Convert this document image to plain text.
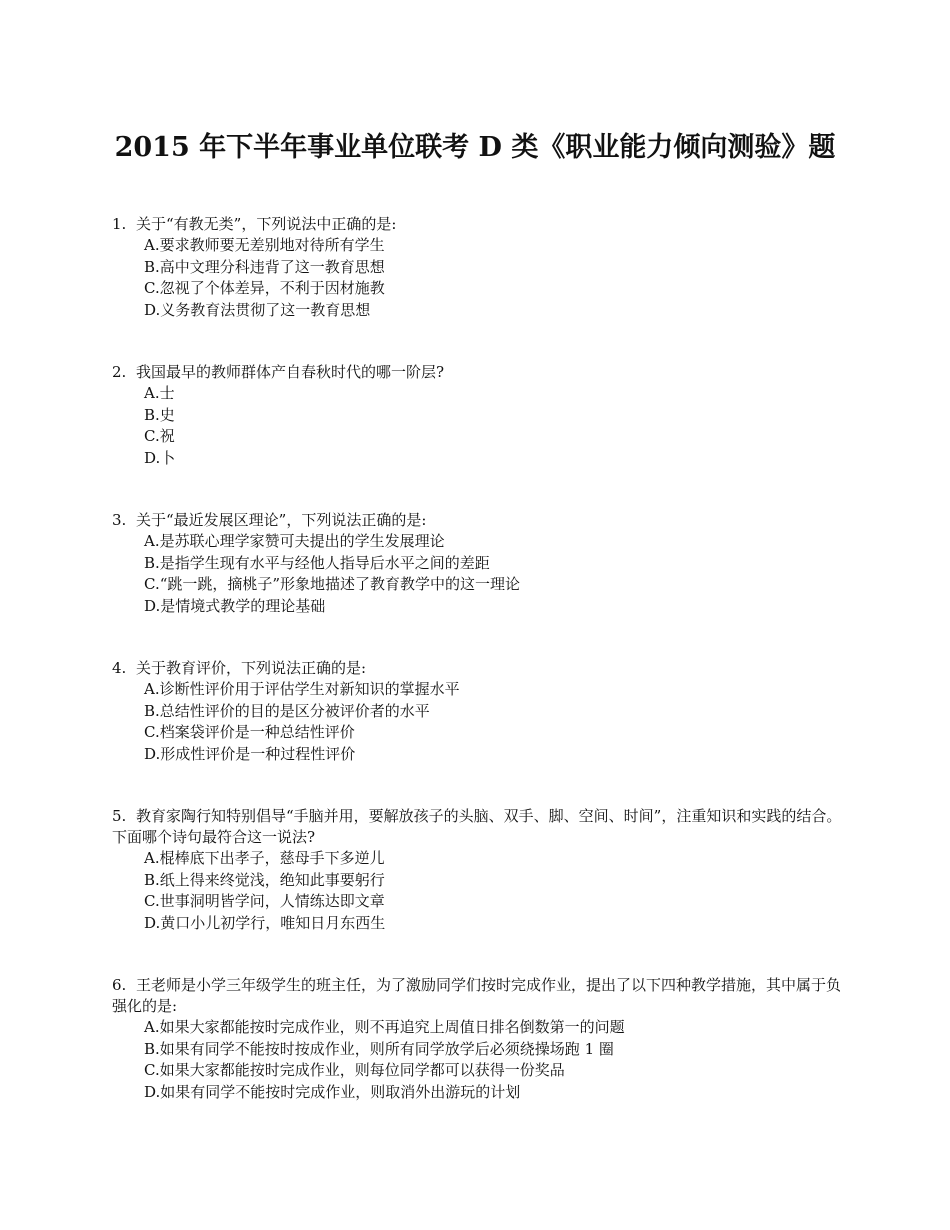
2015 年下半年事业单位联考 D 类《职业能力倾向测验》题

1. 关于“有教无类”，下列说法中正确的是:

A.要求教师要无差别地对待所有学生
B.高中文理分科违背了这一教育思想
C.忽视了个体差异，不利于因材施教
D.义务教育法贯彻了这一教育思想

2. 我国最早的教师群体产自春秋时代的哪一阶层?

A.士
B.史
C.祝
D.卜

3. 关于“最近发展区理论”，下列说法正确的是:

A.是苏联心理学家赞可夫提出的学生发展理论
B.是指学生现有水平与经他人指导后水平之间的差距
C.“跳一跳，摘桃子”形象地描述了教育教学中的这一理论
D.是情境式教学的理论基础

4. 关于教育评价，下列说法正确的是:

A.诊断性评价用于评估学生对新知识的掌握水平
B.总结性评价的目的是区分被评价者的水平
C.档案袋评价是一种总结性评价
D.形成性评价是一种过程性评价

5. 教育家陶行知特别倡导“手脑并用，要解放孩子的头脑、双手、脚、空间、时间”，注重知识和实践的结合。下面哪个诗句最符合这一说法?

A.棍棒底下出孝子，慈母手下多逆儿
B.纸上得来终觉浅，绝知此事要躬行
C.世事洞明皆学问，人情练达即文章
D.黄口小儿初学行，唯知日月东西生

6. 王老师是小学三年级学生的班主任，为了激励同学们按时完成作业，提出了以下四种教学措施，其中属于负强化的是:

A.如果大家都能按时完成作业，则不再追究上周值日排名倒数第一的问题
B.如果有同学不能按时按成作业，则所有同学放学后必须绕操场跑 1 圈
C.如果大家都能按时完成作业，则每位同学都可以获得一份奖品
D.如果有同学不能按时完成作业，则取消外出游玩的计划
